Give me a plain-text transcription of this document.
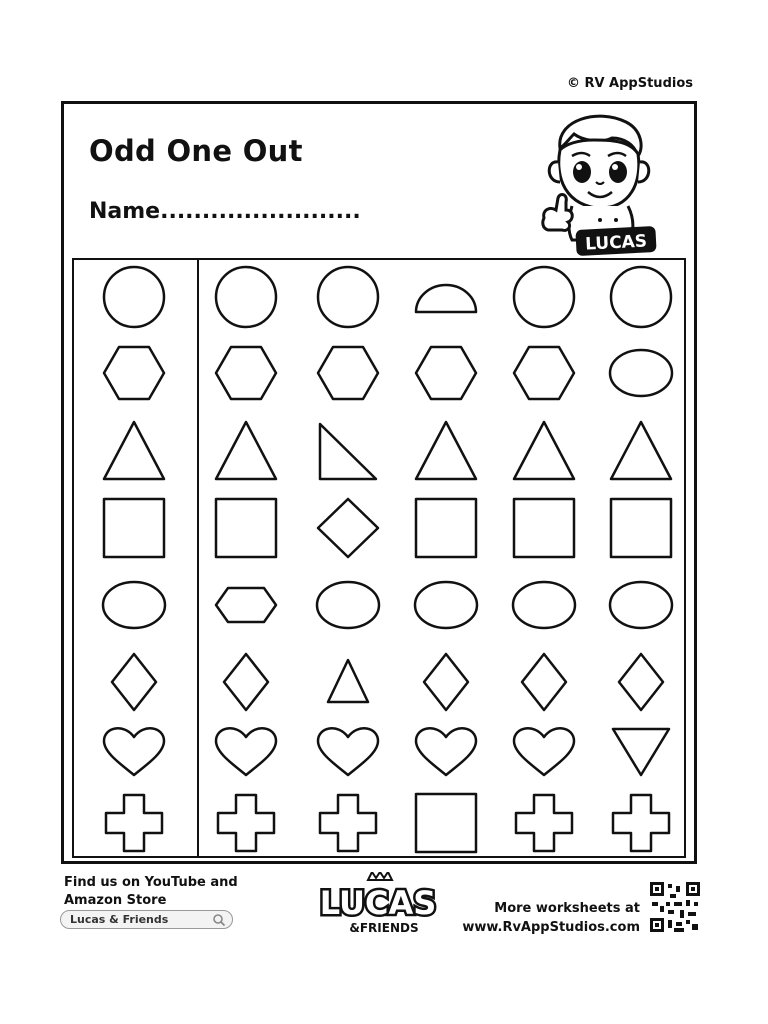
© RV AppStudios
Odd One Out
Name........................
LUCAS
Find us on YouTube and
Amazon Store
Lucas & Friends	LUCAS
&FRIENDS
More worksheets at
www.RvAppStudios.com
